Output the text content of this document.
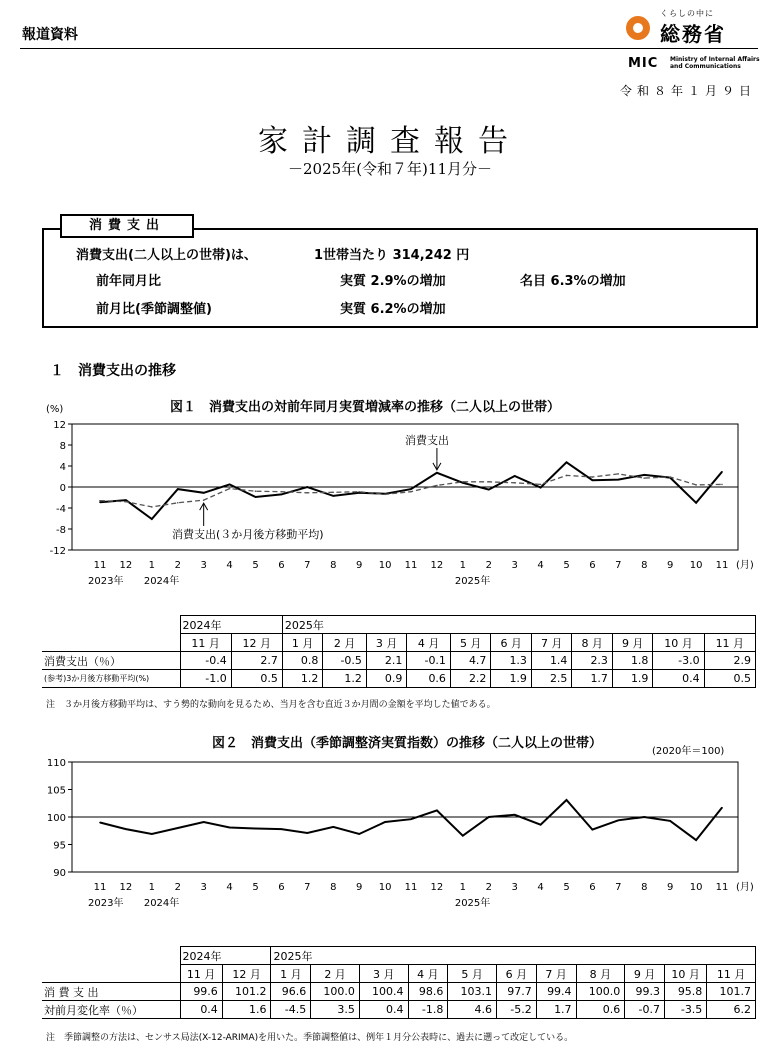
報道資料
くらしの中に
総務省
MIC Ministry of Internal Affairs
and Communications
令和８年１月９日
家計調査報告
－2025年(令和７年)11月分－
消費支出
消費支出(二人以上の世帯)は、	1世帯当たり 314,242 円
前年同月比	実質 2.9%の増加	名目 6.3%の増加
前月比(季節調整値)	実質 6.2%の増加
１　消費支出の推移
図１　消費支出の対前年同月実質増減率の推移（二人以上の世帯）
(%)
12
8
4
0
-4
-8
-12
11 12 1 2 3 4 5 6 7 8 9 10 11 12 1 2 3 4 5 6 7 8 9 10 11 (月)
2023年 2024年	2025年
消費支出
消費支出(３か月後方移動平均)
	2024年		2025年										
	11 月	12 月	1 月	2 月	3 月	4 月	5 月	6 月	7 月	8 月	9 月	10 月	11 月
消費支出（％）	-0.4	2.7	0.8	-0.5	2.1	-0.1	4.7	1.3	1.4	2.3	1.8	-3.0	2.9
(参考)3か月後方移動平均(%)	-1.0	0.5	1.2	1.2	0.9	0.6	2.2	1.9	2.5	1.7	1.9	0.4	0.5
注　３か月後方移動平均は、すう勢的な動向を見るため、当月を含む直近３か月間の金額を平均した値である。
図２　消費支出（季節調整済実質指数）の推移（二人以上の世帯）
(2020年＝100)
110
105
100
95
90
11 12 1 2 3 4 5 6 7 8 9 10 11 12 1 2 3 4 5 6 7 8 9 10 11 (月)
2023年 2024年	2025年
	2024年		2025年										
	11 月	12 月	1 月	2 月	3 月	4 月	5 月	6 月	7 月	8 月	9 月	10 月	11 月
消 費 支 出	99.6	101.2	96.6	100.0	100.4	98.6	103.1	97.7	99.4	100.0	99.3	95.8	101.7
対前月変化率（％）	0.4	1.6	-4.5	3.5	0.4	-1.8	4.6	-5.2	1.7	0.6	-0.7	-3.5	6.2
注　季節調整の方法は、センサス局法(X-12-ARIMA)を用いた。季節調整値は、例年１月分公表時に、過去に遡って改定している。
